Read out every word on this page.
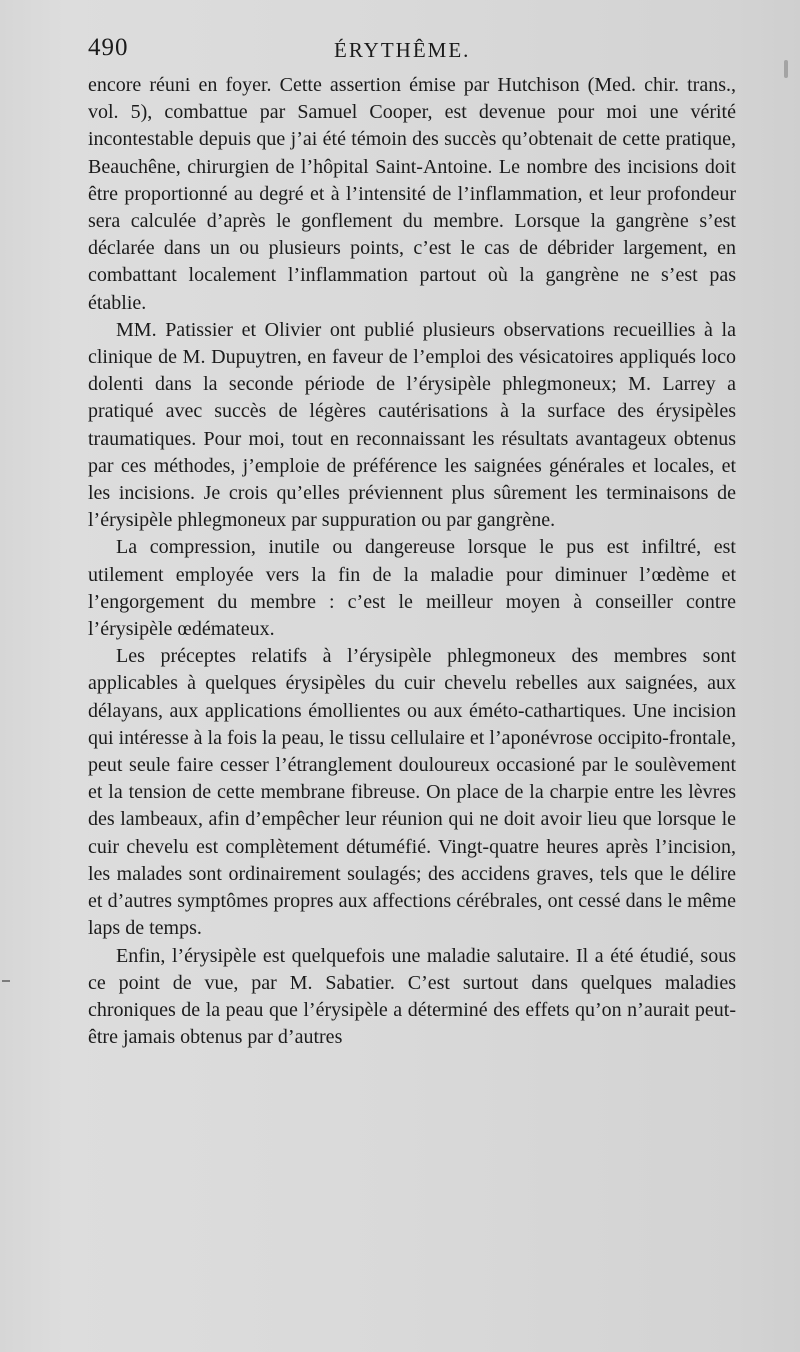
490	ÉRYTHÊME.

encore réuni en foyer. Cette assertion émise par Hutchison (Med. chir. trans., vol. 5), combattue par Samuel Cooper, est devenue pour moi une vérité incontestable depuis que j’ai été témoin des succès qu’obtenait de cette pratique, Beauchêne, chirurgien de l’hôpital Saint-Antoine. Le nombre des incisions doit être proportionné au degré et à l’intensité de l’inflammation, et leur profondeur sera calculée d’après le gonflement du membre. Lorsque la gangrène s’est déclarée dans un ou plusieurs points, c’est le cas de débrider largement, en combattant localement l’inflammation partout où la gangrène ne s’est pas établie.

MM. Patissier et Olivier ont publié plusieurs observations recueillies à la clinique de M. Dupuytren, en faveur de l’emploi des vésicatoires appliqués loco dolenti dans la seconde période de l’érysipèle phlegmoneux; M. Larrey a pratiqué avec succès de légères cautérisations à la surface des érysipèles traumatiques. Pour moi, tout en reconnaissant les résultats avantageux obtenus par ces méthodes, j’emploie de préférence les saignées générales et locales, et les incisions. Je crois qu’elles préviennent plus sûrement les terminaisons de l’érysipèle phlegmoneux par suppuration ou par gangrène.

La compression, inutile ou dangereuse lorsque le pus est infiltré, est utilement employée vers la fin de la maladie pour diminuer l’œdème et l’engorgement du membre : c’est le meilleur moyen à conseiller contre l’érysipèle œdémateux.

Les préceptes relatifs à l’érysipèle phlegmoneux des membres sont applicables à quelques érysipèles du cuir chevelu rebelles aux saignées, aux délayans, aux applications émollientes ou aux éméto-cathartiques. Une incision qui intéresse à la fois la peau, le tissu cellulaire et l’aponévrose occipito-frontale, peut seule faire cesser l’étranglement douloureux occasioné par le soulèvement et la tension de cette membrane fibreuse. On place de la charpie entre les lèvres des lambeaux, afin d’empêcher leur réunion qui ne doit avoir lieu que lorsque le cuir chevelu est complètement détuméfié. Vingt-quatre heures après l’incision, les malades sont ordinairement soulagés; des accidens graves, tels que le délire et d’autres symptômes propres aux affections cérébrales, ont cessé dans le même laps de temps.

Enfin, l’érysipèle est quelquefois une maladie salutaire. Il a été étudié, sous ce point de vue, par M. Sabatier. C’est surtout dans quelques maladies chroniques de la peau que l’érysipèle a déterminé des effets qu’on n’aurait peut-être jamais obtenus par d’autres
